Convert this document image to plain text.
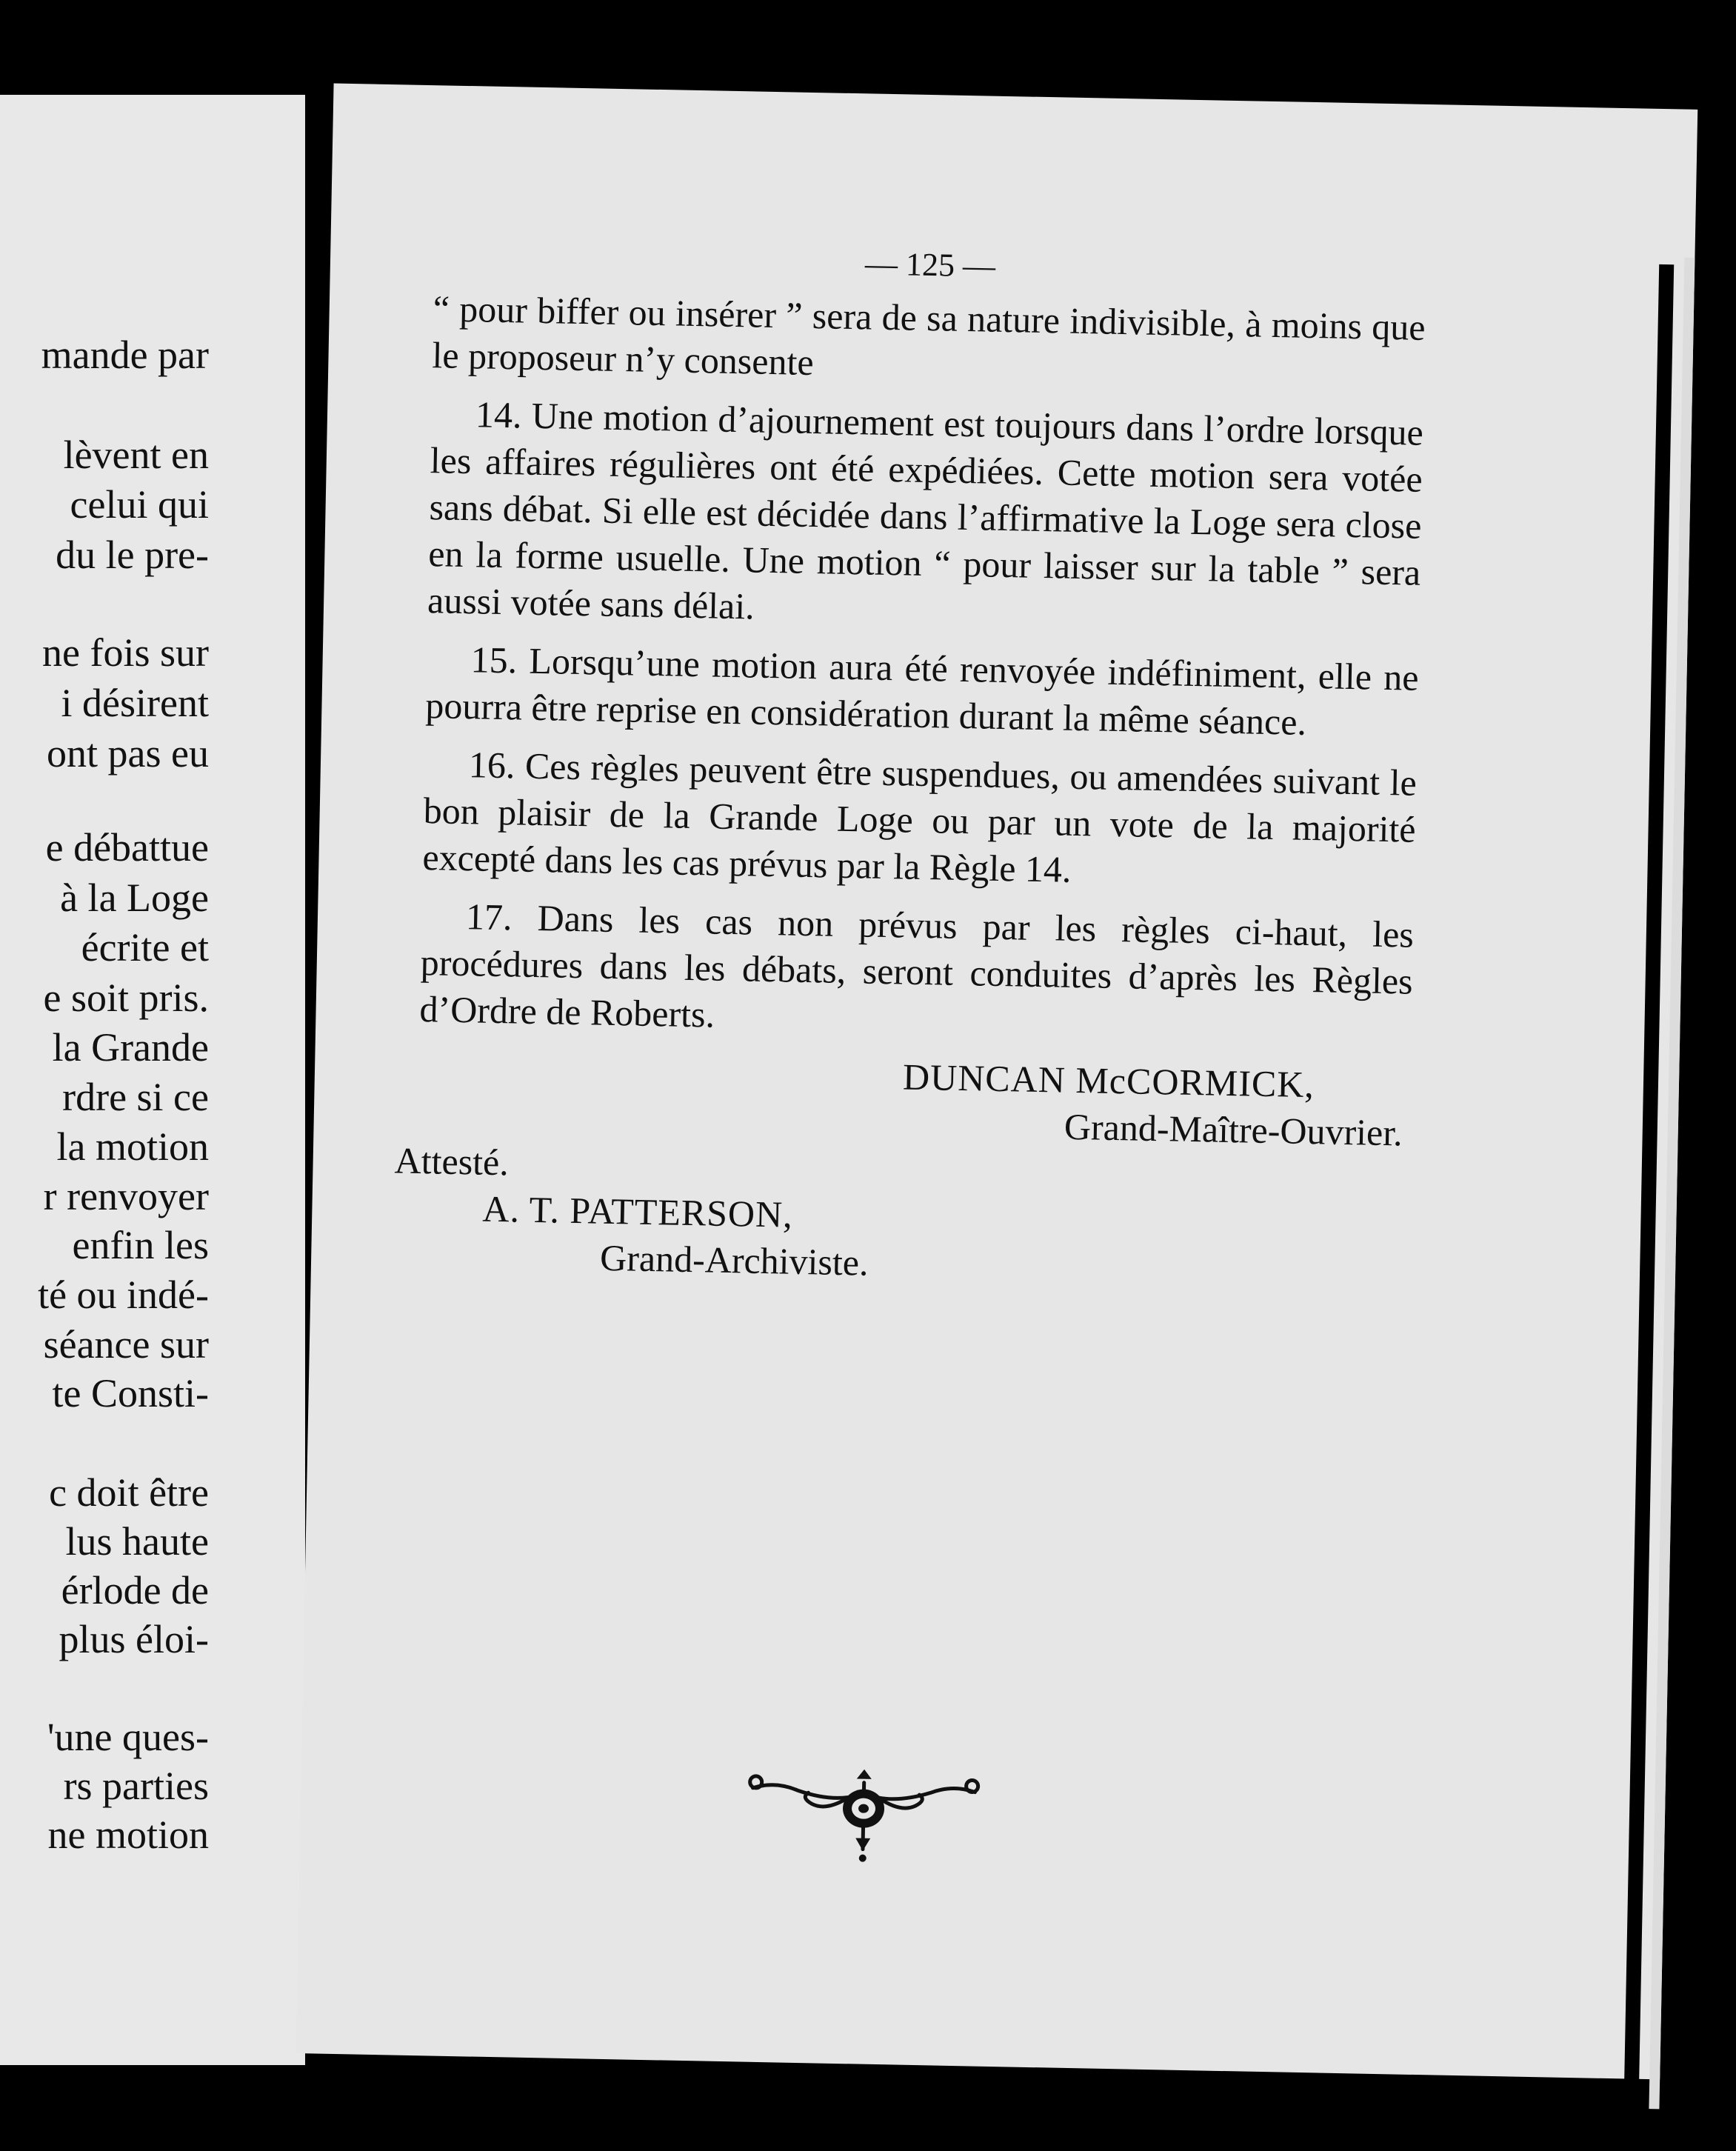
mande par
lèvent en
celui qui
du le pre-
ne fois sur
i désirent
ont pas eu
e débattue
à la Loge
écrite et
e soit pris.
la Grande
rdre si ce
la motion
r renvoyer
enfin les
té ou indé-
séance sur
te Consti-
c doit être
lus haute
érlode de
plus éloi-
'une ques-
rs parties
ne motion
— 125 —

“ pour biffer ou insérer ” sera de sa nature indivisible, à moins que le proposeur n’y consente

14. Une motion d’ajournement est toujours dans l’ordre lorsque les affaires régulières ont été expédiées. Cette motion sera votée sans débat. Si elle est décidée dans l’affirmative la Loge sera close en la forme usuelle. Une motion “ pour laisser sur la table ” sera aussi votée sans délai.

15. Lorsqu’une motion aura été renvoyée indéfiniment, elle ne pourra être reprise en considération durant la même séance.

16. Ces règles peuvent être suspendues, ou amendées suivant le bon plaisir de la Grande Loge ou par un vote de la majorité excepté dans les cas prévus par la Règle 14.

17. Dans les cas non prévus par les règles ci-haut, les procédures dans les débats, seront conduites d’après les Règles d’Ordre de Roberts.

DUNCAN McCORMICK,
Grand-Maître-Ouvrier.
Attesté.
A. T. PATTERSON,
Grand-Archiviste.
